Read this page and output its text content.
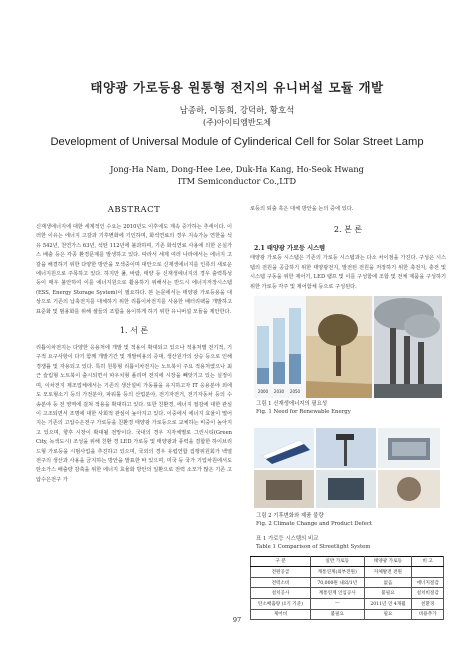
태양광 가로등용 원통형 전지의 유니버설 모듈 개발
남종하, 이동희, 강덕하, 황호석
(주)아이티엠반도체
Development of Universal Module of Cylinderical Cell for Solar Street Lamp
Jong-Ha Nam, Dong-Hee Lee, Duk-Ha Kang, Ho-Seok Hwang
ITM Semiconductor Co.,LTD
ABSTRACT

신재생에너지에 대한 세계적인 수요는 2010년도 이후에도 계속 증가하는 추세이다. 이러한 이유는 에너지 고갈과 기후변화에 기인하며, 화석연료의 경우 지속가능 연한을 석유 542년, 천연가스 63년, 석탄 112년에 불과하며, 기존 화석연료 사용에 의한 온실가스 배출 등은 각종 환경문제를 발생하고 있다. 따라서 세계 여러 나라에서는 에너지 고갈을 해결하기 위한 다양한 방안을 모색중이며 대안으로 신재생에너지를 인류의 새로운 에너지원으로 주목하고 있다. 하지만 풀, 바람, 태양 등 신재생에너지의 경우 출력특성 등이 매우 불안하여 이를 에너지원으로 활용하기 위해서는 반드시 에너지저장시스템(ESS, Energy Storage System)이 필요하다. 본 논문에서는 태양광 가로등용을 대상으로 기존의 납축전지를 대체하기 위한 리튬이차전지를 사용한 배터리팩을 개발하고 표준화 및 범용화를 위해 셀들의 조합을 용이하게 하기 위한 유니버설 모듈을 제안한다.

1. 서 론

리튬이차전지는 다양한 응용처에 개발 및 적용이 확대되고 있으나 적용처별 전기적, 기구적 요구사항이 다기 함께 개발기간 및 개발비용의 증대, 생산원가의 상승 등으로 인해 경쟁률 및 자용되고 있다. 특히 원통형 리튬이차전지는 노트북이 주요 적용처였으나 최근 슬림형 노트북이 출시되면서 파우치형 폴리머 전지에 시장을 빼앗기고 있는 실정이며, 이차전지 제조업체에서는 기존의 생산설비 가동률을 유지하고자 IT 응용분야 외에도 모토형소기 등의 가전분야, 파워툴 등의 산업분야, 전기자전거, 전기자동차 등의 수송분야 등 전 영역에 걸쳐 적용을 확대하고 있다. 또한 친환경, 에너지 절감에 대한 관심이 고조되면서 조명에 대한 사회적 관심이 높아지고 있다. 이중에서 에너지 효율이 떨어지는 기존의 고압수은전구 가로등을 친환경 태양광 가로등으로 교체하는 비중이 높아지고 있으며, 향후 시장이 확대될 전망이다. 국내의 경우 지자체별로 그린시티(Green City, 녹색도시) 조성을 위해 친환 경 LED 가로등 및 태양광과 풍력을 결합한 하이브리드형 가로등을 시범사업을 추진하고 있으며, 국외의 경우 유럽연합 집행위원회가 백열전구의 생산과 사용을 금지하는 방안을 발표한 바 있으며, 미국 등 국가 기업차원에서도 탄소가스 배출량 감축을 위한 에너지 효율화 방안의 일환으로 전력 소모가 많은 기존 고압수은전구 가

로등의 퇴출 혹은 대체 방안을 논의 중에 있다.

2. 본 론
2.1 태양광 가로등 시스템

태양광 가로등 시스템은 기존의 가로등 시스템과는 다소 차이점을 가진다. 구성은 시스템의 전원을 공급하기 위한 태양광전지, 발전된 전원을 저장하기 위한 축전지, 충전 및 시스템 구동을 위한 제어기, LED 램프 및 이를 구성함에 조합 및 전체 제품을 구성하기 위한 가로등 각주 및 제어함체 등으로 구성된다.

2000 2030 2050
그림 1 신재생에너지의 필요성
Fig. 1 Need for Renewable Energy
그림 2 기후변화와 제품 불량
Fig. 2 Climate Change and Product Defect
표 1 가로등 시스템의 비교
Table 1 Comparison of Streetlight System
구 분	일반 가로등	태양광 가로등	비 고
전원공급	계통연계(외부전원)	자체발전 전원	
전력소비	70,000원 내외/1년	없음	에너지절감
설치공사	계통연계 인입공사	불필요	설치비절감
탄소배출량 (1기 기준)	—	2011년 연 4개월	친환경
제어비	불필요	필요	비용추가
97
